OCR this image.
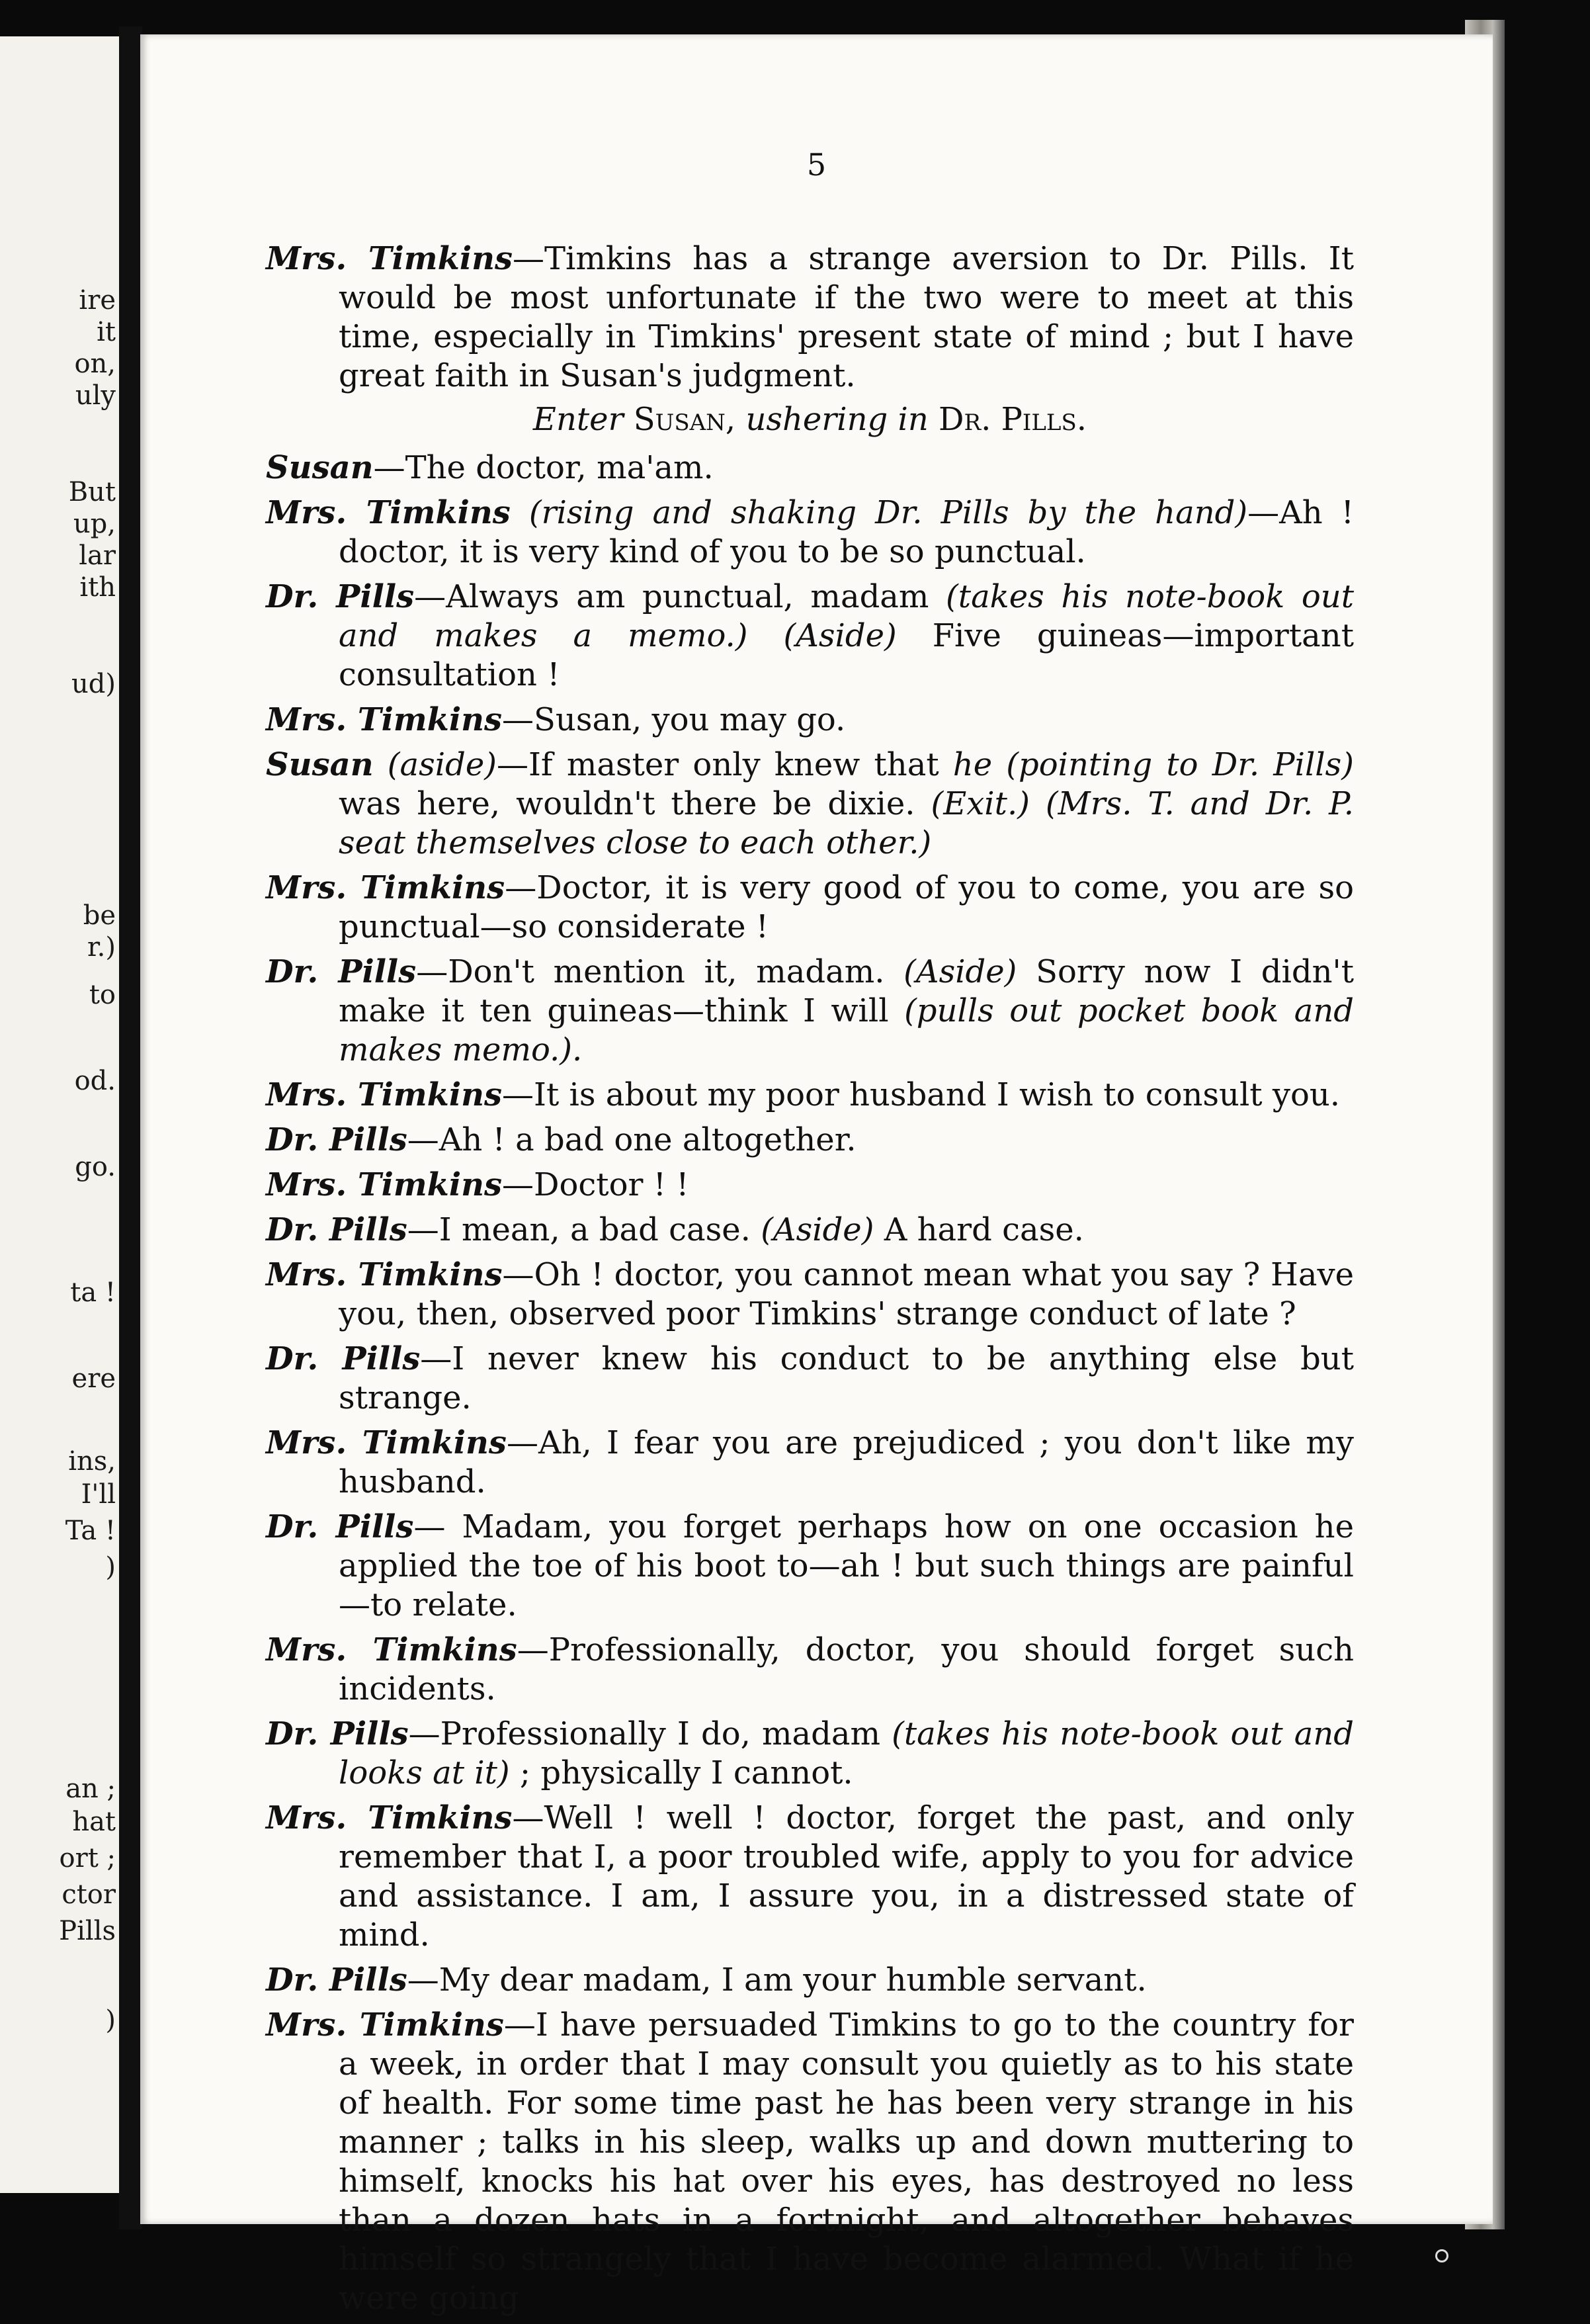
ire
it
on,
uly
But
up,
lar
ith
ud)
be
r.)
to
od.
go.
ta !
ere
ins,
I'll
Ta !
)
an ;
hat
ort ;
ctor
Pills
)
5
Mrs. Timkins—Timkins has a strange aversion to Dr. Pills. It would be most unfortunate if the two were to meet at this time, especially in Timkins' present state of mind ; but I have great faith in Susan's judgment.
Enter Susan, ushering in Dr. Pills.
Susan—The doctor, ma'am.
Mrs. Timkins (rising and shaking Dr. Pills by the hand)—Ah ! doctor, it is very kind of you to be so punctual.
Dr. Pills—Always am punctual, madam (takes his note-book out and makes a memo.) (Aside) Five guineas—important consultation !
Mrs. Timkins—Susan, you may go.
Susan (aside)—If master only knew that he (pointing to Dr. Pills) was here, wouldn't there be dixie. (Exit.) (Mrs. T. and Dr. P. seat themselves close to each other.)
Mrs. Timkins—Doctor, it is very good of you to come, you are so punctual—so considerate !
Dr. Pills—Don't mention it, madam. (Aside) Sorry now I didn't make it ten guineas—think I will (pulls out pocket book and makes memo.).
Mrs. Timkins—It is about my poor husband I wish to consult you.
Dr. Pills—Ah ! a bad one altogether.
Mrs. Timkins—Doctor ! !
Dr. Pills—I mean, a bad case. (Aside) A hard case.
Mrs. Timkins—Oh ! doctor, you cannot mean what you say ? Have you, then, observed poor Timkins' strange conduct of late ?
Dr. Pills—I never knew his conduct to be anything else but strange.
Mrs. Timkins—Ah, I fear you are prejudiced ; you don't like my husband.
Dr. Pills— Madam, you forget perhaps how on one occasion he applied the toe of his boot to—ah ! but such things are painful—to relate.
Mrs. Timkins—Professionally, doctor, you should forget such incidents.
Dr. Pills—Professionally I do, madam (takes his note-book out and looks at it) ; physically I cannot.
Mrs. Timkins—Well ! well ! doctor, forget the past, and only remember that I, a poor troubled wife, apply to you for advice and assistance. I am, I assure you, in a distressed state of mind.
Dr. Pills—My dear madam, I am your humble servant.
Mrs. Timkins—I have persuaded Timkins to go to the country for a week, in order that I may consult you quietly as to his state of health. For some time past he has been very strange in his manner ; talks in his sleep, walks up and down muttering to himself, knocks his hat over his eyes, has destroyed no less than a dozen hats in a fortnight, and altogether behaves himself so strangely that I have become alarmed. What if he were going
